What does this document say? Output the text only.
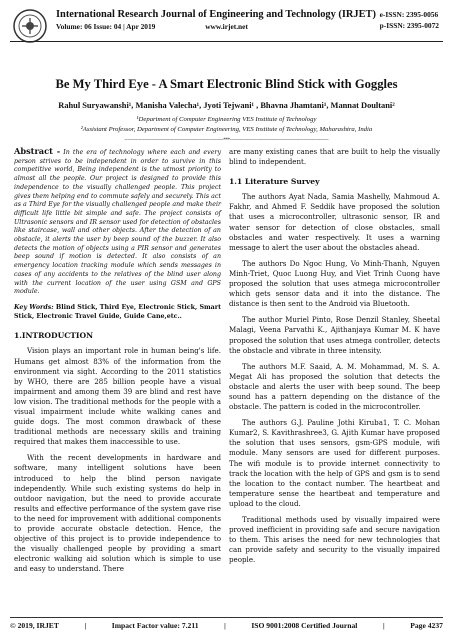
International Research Journal of Engineering and Technology (IRJET)
Volume: 06 Issue: 04 | Apr 2019	www.irjet.net
e-ISSN: 2395-0056
p-ISSN: 2395-0072
Be My Third Eye - A Smart Electronic Blind Stick with Goggles
Rahul Suryawanshi¹, Manisha Valecha¹, Jyoti Tejwani¹ , Bhavna Jhamtani¹, Mannat Doultani²
¹Department of Computer Engineering VES Institute of Technology
²Assistant Professor, Department of Computer Engineering, VES Institute of Technology, Maharashtra, India
-----------------------------------------------------------------------***-----------------------------------------------------------------------
Abstract - In the era of technology where each and every person strives to be independent in order to survive in this competitive world, Being independent is the utmost priority to almost all the people. Our project is designed to provide this independence to the visually challenged people. This project gives them helping end to commute safely and securely. This act as a Third Eye for the visually challenged people and make their difficult life little bit simple and safe. The project consists of Ultrasonic sensors and IR sensor used for detection of obstacles like staircase, wall and other objects. After the detection of an obstacle, it alerts the user by beep sound of the buzzer. It also detects the motion of objects using a PIR sensor and generates beep sound if motion is detected. It also consists of an emergency location tracking module which sends messages in cases of any accidents to the relatives of the blind user along with the current location of the user using GSM and GPS module.
Key Words: Blind Stick, Third Eye, Electronic Stick, Smart Stick, Electronic Travel Guide, Guide Cane,etc..
1.INTRODUCTION

Vision plays an important role in human being's life. Humans get almost 83% of the information from the environment via sight. According to the 2011 statistics by WHO, there are 285 billion people have a visual impairment and among them 39 are blind and rest have low vision. The traditional methods for the people with a visual impairment include white walking canes and guide dogs. The most common drawback of these traditional methods are necessary skills and training required that makes them inaccessible to use.

With the recent developments in hardware and software, many intelligent solutions have been introduced to help the blind person navigate independently. While such existing systems do help in outdoor navigation, but the need to provide accurate results and effective performance of the system gave rise to the need for improvement with additional components to provide accurate obstacle detection. Hence, the objective of this project is to provide independence to the visually challenged people by providing a smart electronic walking aid solution which is simple to use and easy to understand. There

are many existing canes that are built to help the visually blind to independent.

1.1 Literature Survey

The authors Ayat Nada, Samia Mashelly, Mahmoud A. Fakhr, and Ahmed F. Seddik have proposed the solution that uses a microcontroller, ultrasonic sensor, IR and water sensor for detection of close obstacles, small obstacles and water respectively. It uses a warning message to alert the user about the obstacles ahead.

The authors Do Ngoc Hung, Vo Minh-Thanh, Nguyen Minh-Triet, Quoc Luong Huy, and Viet Trinh Cuong have proposed the solution that uses atmega microcontroller which gets sensor data and it into the distance. The distance is then sent to the Android via Bluetooth.

The author Muriel Pinto, Rose Denzil Stanley, Sheetal Malagi, Veena Parvathi K., Ajithanjaya Kumar M. K have proposed the solution that uses atmega controller, detects the obstacle and vibrate in three intensity.

The authors M.F. Saaid, A. M. Mohammad, M. S. A. Megat Ali has proposed the solution that detects the obstacle and alerts the user with beep sound. The beep sound has a pattern depending on the distance of the obstacle. The pattern is coded in the microcontroller.

The authors G.J. Pauline Jothi Kiruba1, T. C. Mohan Kumar2, S. Kavithrashree3, G. Ajith Kumar have proposed the solution that uses sensors, gsm-GPS module, wifi module. Many sensors are used for different purposes. The wifi module is to provide internet connectivity to track the location with the help of GPS and gsm is to send the location to the contact number. The heartbeat and temperature sense the heartbeat and temperature and upload to the cloud.

Traditional methods used by visually impaired were proved inefficient in providing safe and secure navigation to them. This arises the need for new technologies that can provide safety and security to the visually impaired people.

© 2019, IRJET	|	Impact Factor value: 7.211	|	ISO 9001:2008 Certified Journal	|	Page 4237
